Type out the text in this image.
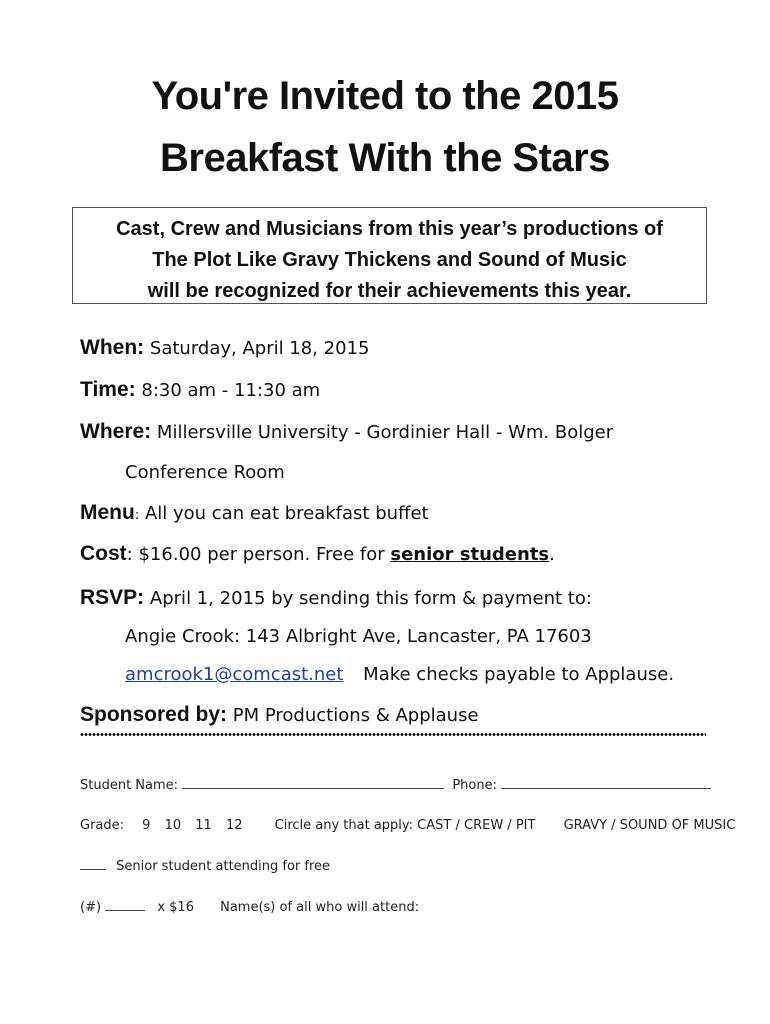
You're Invited to the 2015
Breakfast With the Stars
Cast, Crew and Musicians from this year’s productions of
The Plot Like Gravy Thickens and Sound of Music
will be recognized for their achievements this year.
When: Saturday, April 18, 2015
Time: 8:30 am - 11:30 am
Where: Millersville University - Gordinier Hall - Wm. Bolger
Conference Room
Menu: All you can eat breakfast buffet
Cost: $16.00 per person. Free for senior students.
RSVP: April 1, 2015 by sending this form & payment to:
Angie Crook: 143 Albright Ave, Lancaster, PA 17603
amcrook1@comcast.net Make checks payable to Applause.
Sponsored by: PM Productions & Applause
Student Name:	Phone:
Grade: 9 10 11 12 Circle any that apply: CAST / CREW / PIT GRAVY / SOUND OF MUSIC
Senior student attending for free
(#)	x $16 Name(s) of all who will attend:
